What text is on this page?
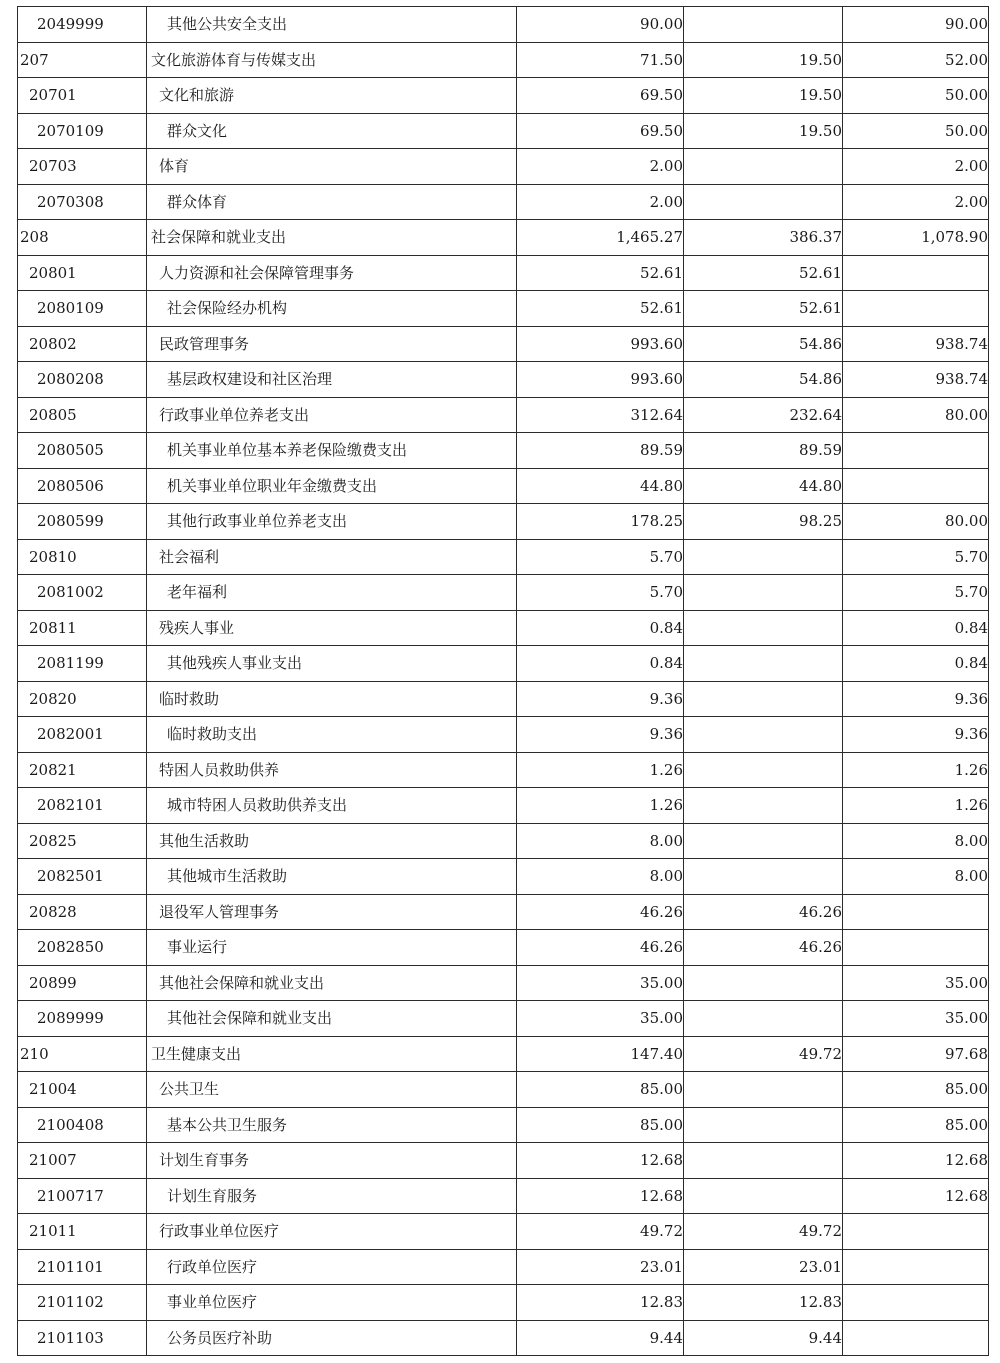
2049999	其他公共安全支出	90.00		90.00
207	文化旅游体育与传媒支出	71.50	19.50	52.00
20701	文化和旅游	69.50	19.50	50.00
2070109	群众文化	69.50	19.50	50.00
20703	体育	2.00		2.00
2070308	群众体育	2.00		2.00
208	社会保障和就业支出	1,465.27	386.37	1,078.90
20801	人力资源和社会保障管理事务	52.61	52.61	
2080109	社会保险经办机构	52.61	52.61	
20802	民政管理事务	993.60	54.86	938.74
2080208	基层政权建设和社区治理	993.60	54.86	938.74
20805	行政事业单位养老支出	312.64	232.64	80.00
2080505	机关事业单位基本养老保险缴费支出	89.59	89.59	
2080506	机关事业单位职业年金缴费支出	44.80	44.80	
2080599	其他行政事业单位养老支出	178.25	98.25	80.00
20810	社会福利	5.70		5.70
2081002	老年福利	5.70		5.70
20811	残疾人事业	0.84		0.84
2081199	其他残疾人事业支出	0.84		0.84
20820	临时救助	9.36		9.36
2082001	临时救助支出	9.36		9.36
20821	特困人员救助供养	1.26		1.26
2082101	城市特困人员救助供养支出	1.26		1.26
20825	其他生活救助	8.00		8.00
2082501	其他城市生活救助	8.00		8.00
20828	退役军人管理事务	46.26	46.26	
2082850	事业运行	46.26	46.26	
20899	其他社会保障和就业支出	35.00		35.00
2089999	其他社会保障和就业支出	35.00		35.00
210	卫生健康支出	147.40	49.72	97.68
21004	公共卫生	85.00		85.00
2100408	基本公共卫生服务	85.00		85.00
21007	计划生育事务	12.68		12.68
2100717	计划生育服务	12.68		12.68
21011	行政事业单位医疗	49.72	49.72	
2101101	行政单位医疗	23.01	23.01	
2101102	事业单位医疗	12.83	12.83	
2101103	公务员医疗补助	9.44	9.44	
